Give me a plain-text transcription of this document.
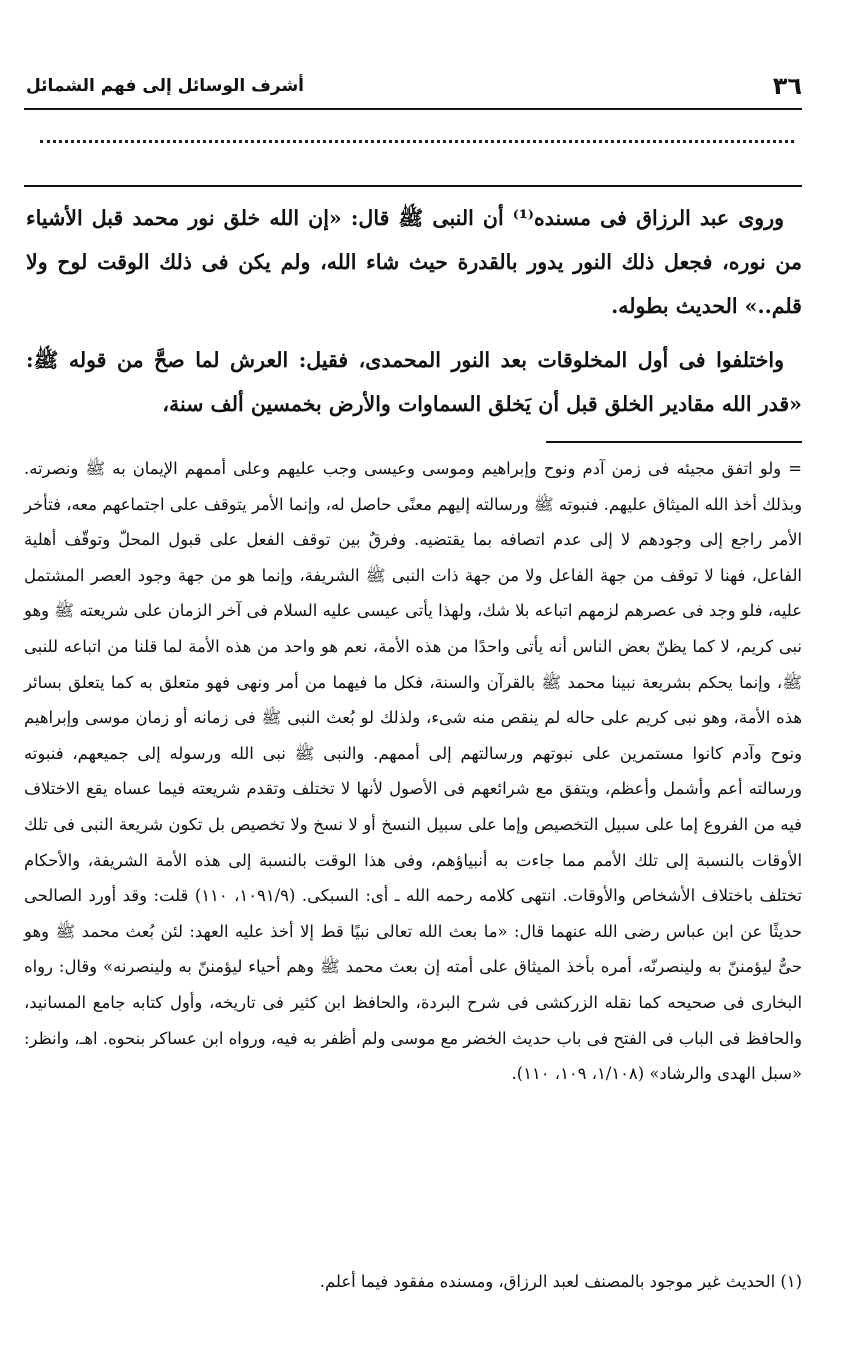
أشرف الوسائل إلى فهم الشمائل	٣٦

وروى عبد الرزاق فى مسنده⁽¹⁾ أن النبى ﷺ قال: «إن الله خلق نور محمد قبل الأشياء من نوره، فجعل ذلك النور يدور بالقدرة حيث شاء الله، ولم يكن فى ذلك الوقت لوح ولا قلم..» الحديث بطوله.

واختلفوا فى أول المخلوقات بعد النور المحمدى، فقيل: العرش لما صحَّ من قوله ﷺ: «قدر الله مقادير الخلق قبل أن يَخلق السماوات والأرض بخمسين ألف سنة،

= ولو اتفق مجيئه فى زمن آدم ونوح وإبراهيم وموسى وعيسى وجب عليهم وعلى أممهم الإيمان به ﷺ ونصرته. وبذلك أخذ الله الميثاق عليهم. فنبوته ﷺ ورسالته إليهم معنًى حاصل له، وإنما الأمر يتوقف على اجتماعهم معه، فتأخر الأمر راجع إلى وجودهم لا إلى عدم اتصافه بما يقتضيه. وفرقٌ بين توقف الفعل على قبول المحلّ وتوقّف أهلية الفاعل، فهنا لا توقف من جهة الفاعل ولا من جهة ذات النبى ﷺ الشريفة، وإنما هو من جهة وجود العصر المشتمل عليه، فلو وجد فى عصرهم لزمهم اتباعه بلا شك، ولهذا يأتى عيسى عليه السلام فى آخر الزمان على شريعته ﷺ وهو نبى كريم، لا كما يظنّ بعض الناس أنه يأتى واحدًا من هذه الأمة، نعم هو واحد من هذه الأمة لما قلنا من اتباعه للنبى ﷺ، وإنما يحكم بشريعة نبينا محمد ﷺ بالقرآن والسنة، فكل ما فيهما من أمر ونهى فهو متعلق به كما يتعلق بسائر هذه الأمة، وهو نبى كريم على حاله لم ينقص منه شىء، ولذلك لو بُعث النبى ﷺ فى زمانه أو زمان موسى وإبراهيم ونوح وآدم كانوا مستمرين على نبوتهم ورسالتهم إلى أممهم. والنبى ﷺ نبى الله ورسوله إلى جميعهم، فنبوته ورسالته أعم وأشمل وأعظم، ويتفق مع شرائعهم فى الأصول لأنها لا تختلف وتقدم شريعته فيما عساه يقع الاختلاف فيه من الفروع إما على سبيل التخصيص وإما على سبيل النسخ أو لا نسخ ولا تخصيص بل تكون شريعة النبى فى تلك الأوقات بالنسبة إلى تلك الأمم مما جاءت به أنبياؤهم، وفى هذا الوقت بالنسبة إلى هذه الأمة الشريفة، والأحكام تختلف باختلاف الأشخاص والأوقات. انتهى كلامه رحمه الله ـ أى: السبكى. (١/٩‏١٠٩، ١١٠) قلت: وقد أورد الصالحى حديثًا عن ابن عباس رضى الله عنهما قال: «ما بعث الله تعالى نبيًا قط إلا أخذ عليه العهد: لئن بُعث محمد ﷺ وهو حىٌّ ليؤمننّ به ولينصرنّه، أمره بأخذ الميثاق على أمته إن بعث محمد ﷺ وهم أحياء ليؤمننّ به ولينصرنه» وقال: رواه البخارى فى صحيحه كما نقله الزركشى فى شرح البردة، والحافظ ابن كثير فى تاريخه، وأول كتابه جامع المسانيد، والحافظ فى الباب فى الفتح فى باب حديث الخضر مع موسى ولم أظفر به فيه، ورواه ابن عساكر بنحوه. اهـ، وانظر: «سبل الهدى والرشاد» (١/١٠٨، ١٠٩، ١١٠).

(١) الحديث غير موجود بالمصنف لعبد الرزاق، ومسنده مفقود فيما أعلم.
